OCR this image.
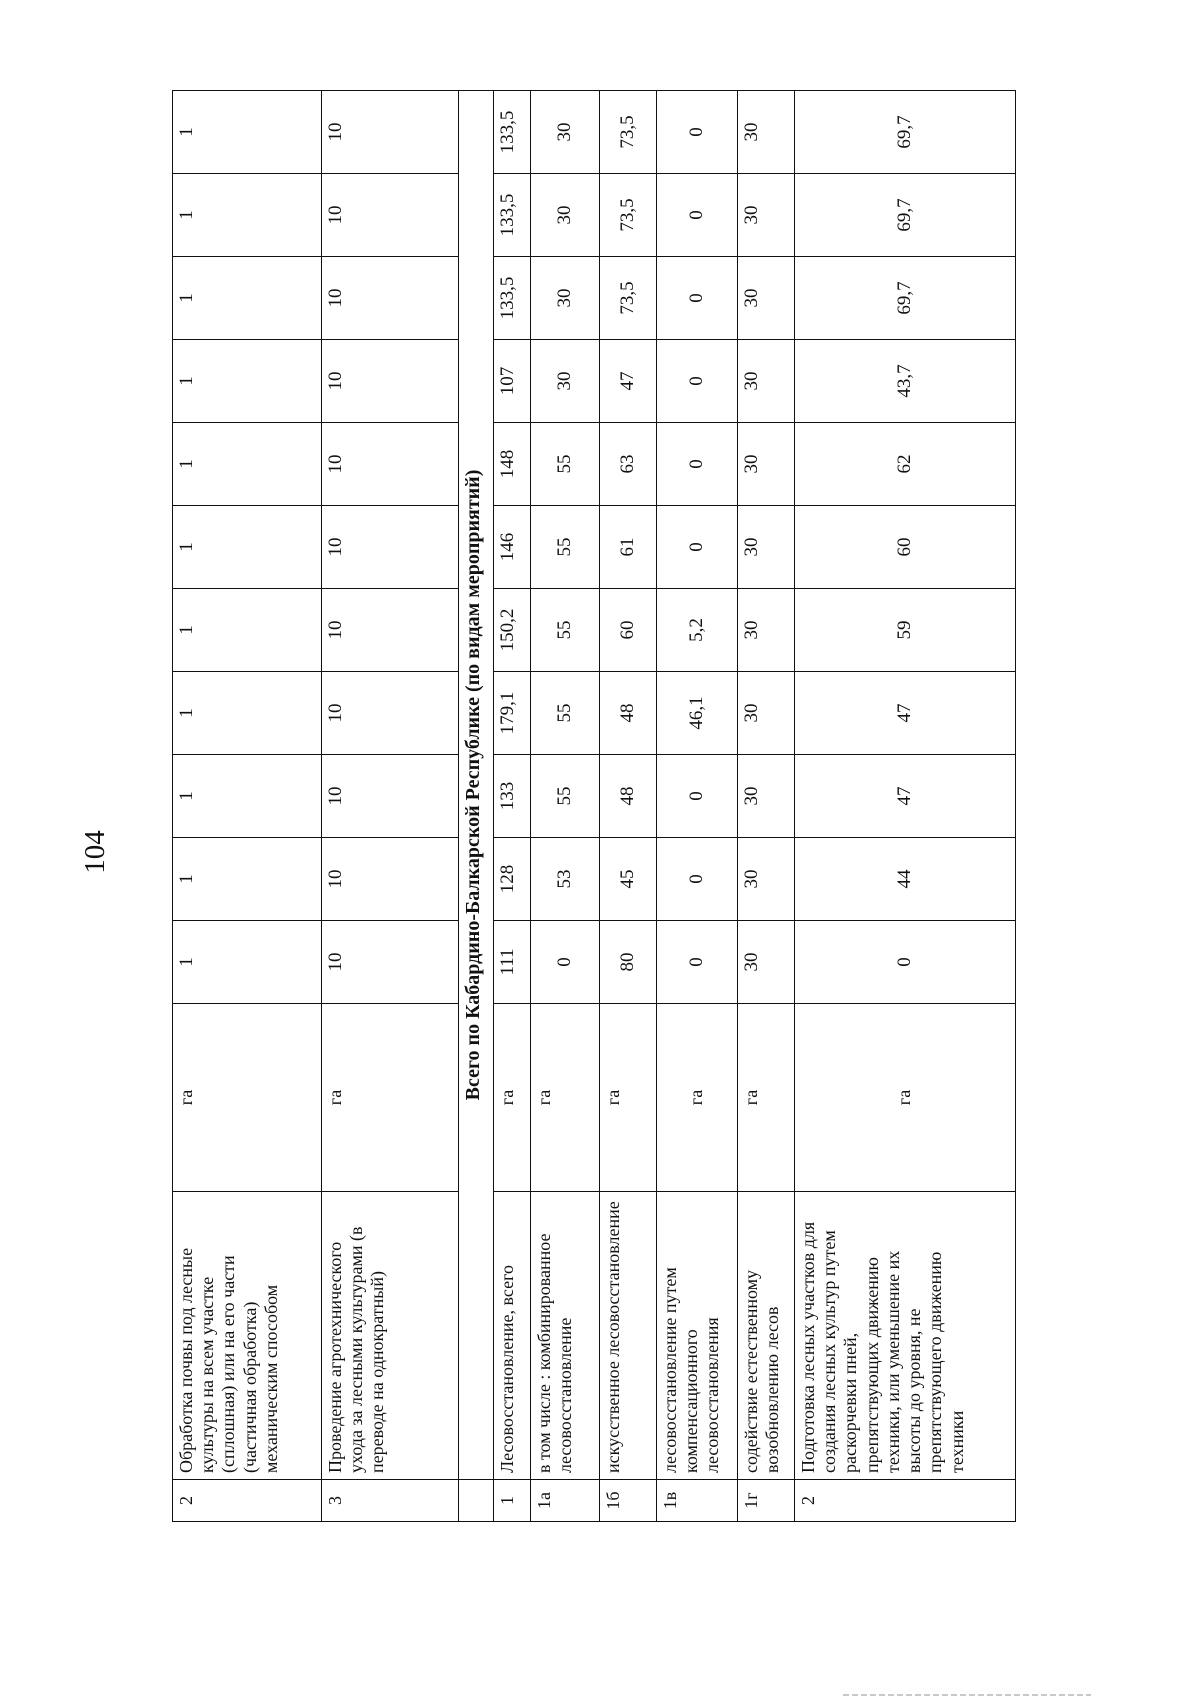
104
2	Обработка почвы под лесные культуры на всем участке (сплошная) или на его части (частичная обработка) механическим способом	га	1	1	1	1	1	1	1	1	1	1	1
3	Проведение агротехнического ухода за лесными культурами (в переводе на однократный)	га	10	10	10	10	10	10	10	10	10	10	10
	Всего по Кабардино-Балкарской Республике (по видам мероприятий)												
1	Лесовосстановление, всего	га	111	128	133	179,1	150,2	146	148	107	133,5	133,5	133,5
1а	в том числе : комбинированное лесовосстановление	га	0	53	55	55	55	55	55	30	30	30	30
1б	искусственное лесовосстановление	га	80	45	48	48	60	61	63	47	73,5	73,5	73,5
1в	лесовосстановление путем компенсационного лесовосстановления	га	0	0	0	46,1	5,2	0	0	0	0	0	0
1г	содействие естественному возобновлению лесов	га	30	30	30	30	30	30	30	30	30	30	30
2	Подготовка лесных участков для создания лесных культур путем раскорчевки пней, препятствующих движению техники, или уменьшение их высоты до уровня, не препятствующего движению техники	га	0	44	47	47	59	60	62	43,7	69,7	69,7	69,7
